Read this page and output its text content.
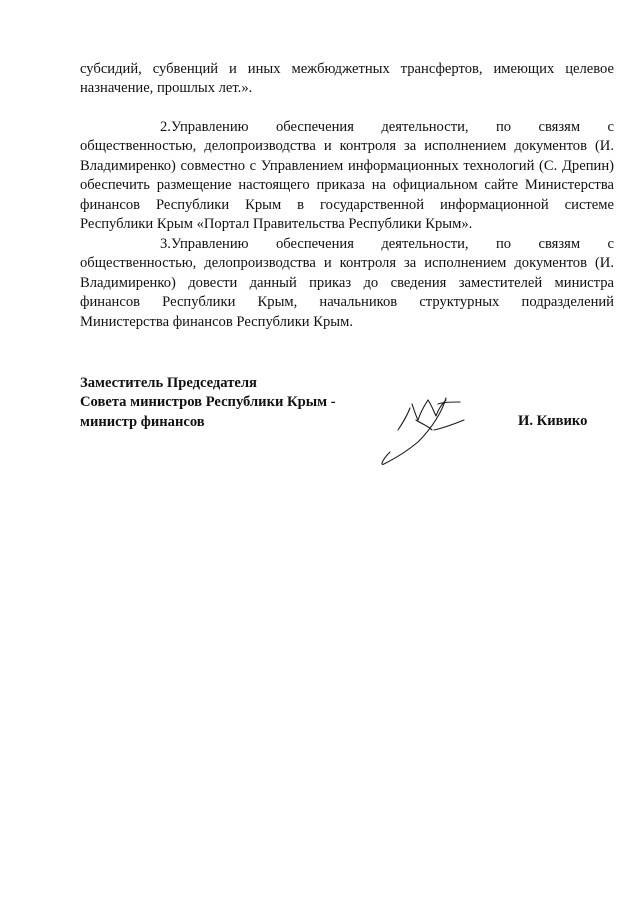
субсидий, субвенций и иных межбюджетных трансфертов, имеющих целевое назначение, прошлых лет.».

2.Управлению обеспечения деятельности, по связям с общественностью, делопроизводства и контроля за исполнением документов (И. Владимиренко) совместно с Управлением информационных технологий (С. Дрепин) обеспечить размещение настоящего приказа на официальном сайте Министерства финансов Республики Крым в государственной информационной системе Республики Крым «Портал Правительства Республики Крым».

3.Управлению обеспечения деятельности, по связям с общественностью, делопроизводства и контроля за исполнением документов (И. Владимиренко) довести данный приказ до сведения заместителей министра финансов Республики Крым, начальников структурных подразделений Министерства финансов Республики Крым.

Заместитель Председателя
Совета министров Республики Крым -
министр финансов	И. Кивико
